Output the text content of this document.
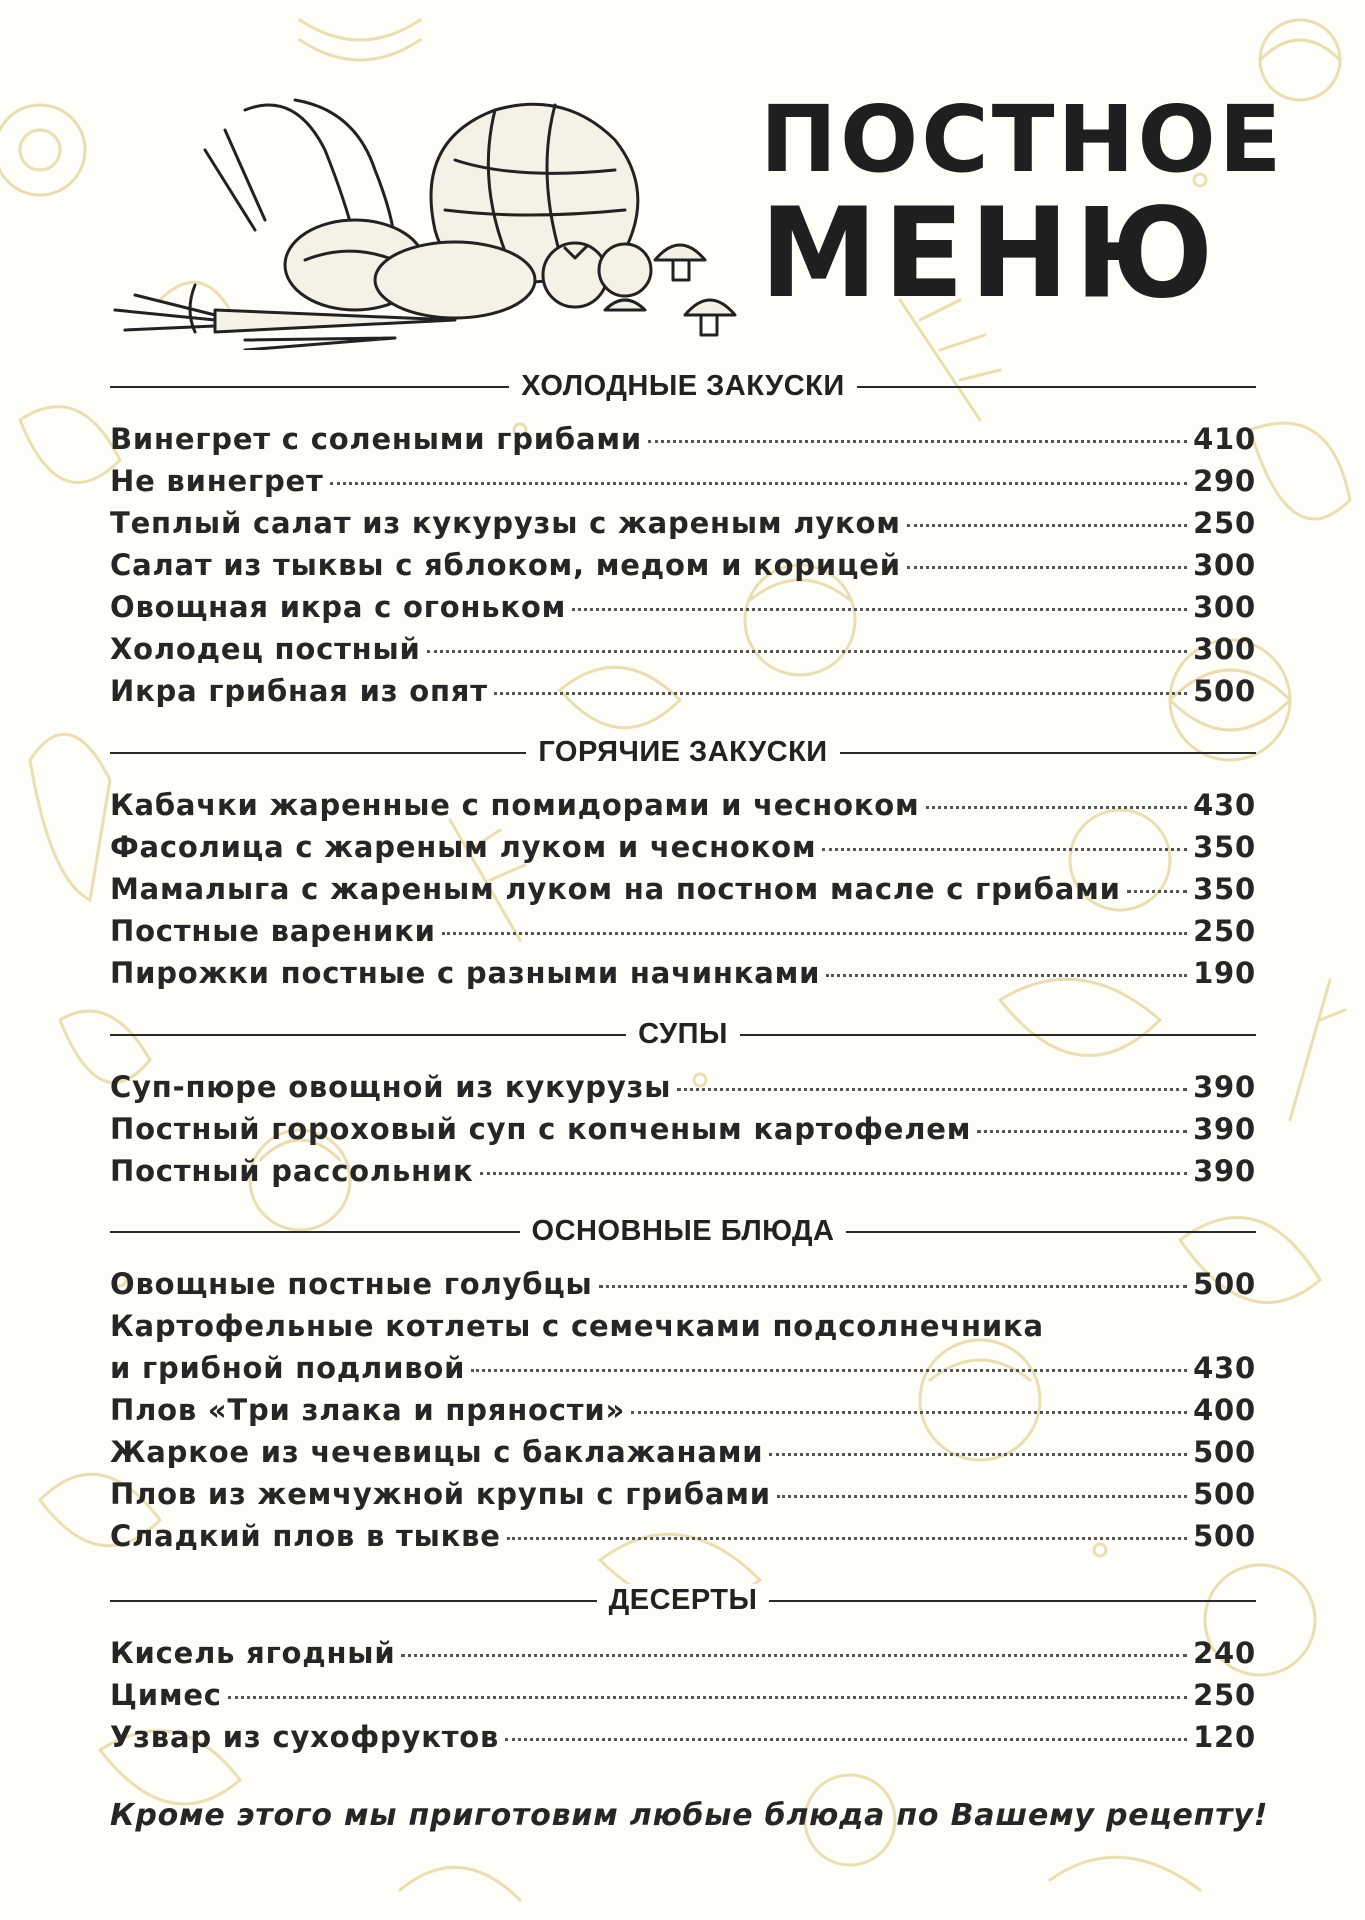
ПОСТНОЕ
МЕНЮ
ХОЛОДНЫЕ ЗАКУСКИ
Винегрет с солеными грибами	410
Не винегрет	290
Теплый салат из кукурузы с жареным луком	250
Салат из тыквы с яблоком, медом и корицей	300
Овощная икра с огоньком	300
Холодец постный	300
Икра грибная из опят	500
ГОРЯЧИЕ ЗАКУСКИ
Кабачки жаренные с помидорами и чесноком	430
Фасолица с жареным луком и чесноком	350
Мамалыга с жареным луком на постном масле с грибами 350
Постные вареники	250
Пирожки постные с разными начинками	190
СУПЫ
Суп-пюре овощной из кукурузы	390
Постный гороховый суп с копченым картофелем	390
Постный рассольник	390
ОСНОВНЫЕ БЛЮДА
Овощные постные голубцы	500
Картофельные котлеты с семечками подсолнечника
и грибной подливой	430
Плов «Три злака и пряности»	400
Жаркое из чечевицы с баклажанами	500
Плов из жемчужной крупы с грибами	500
Сладкий плов в тыкве	500
ДЕСЕРТЫ
Кисель ягодный	240
Цимес	250
Узвар из сухофруктов	120
Кроме этого мы приготовим любые блюда по Вашему рецепту!
